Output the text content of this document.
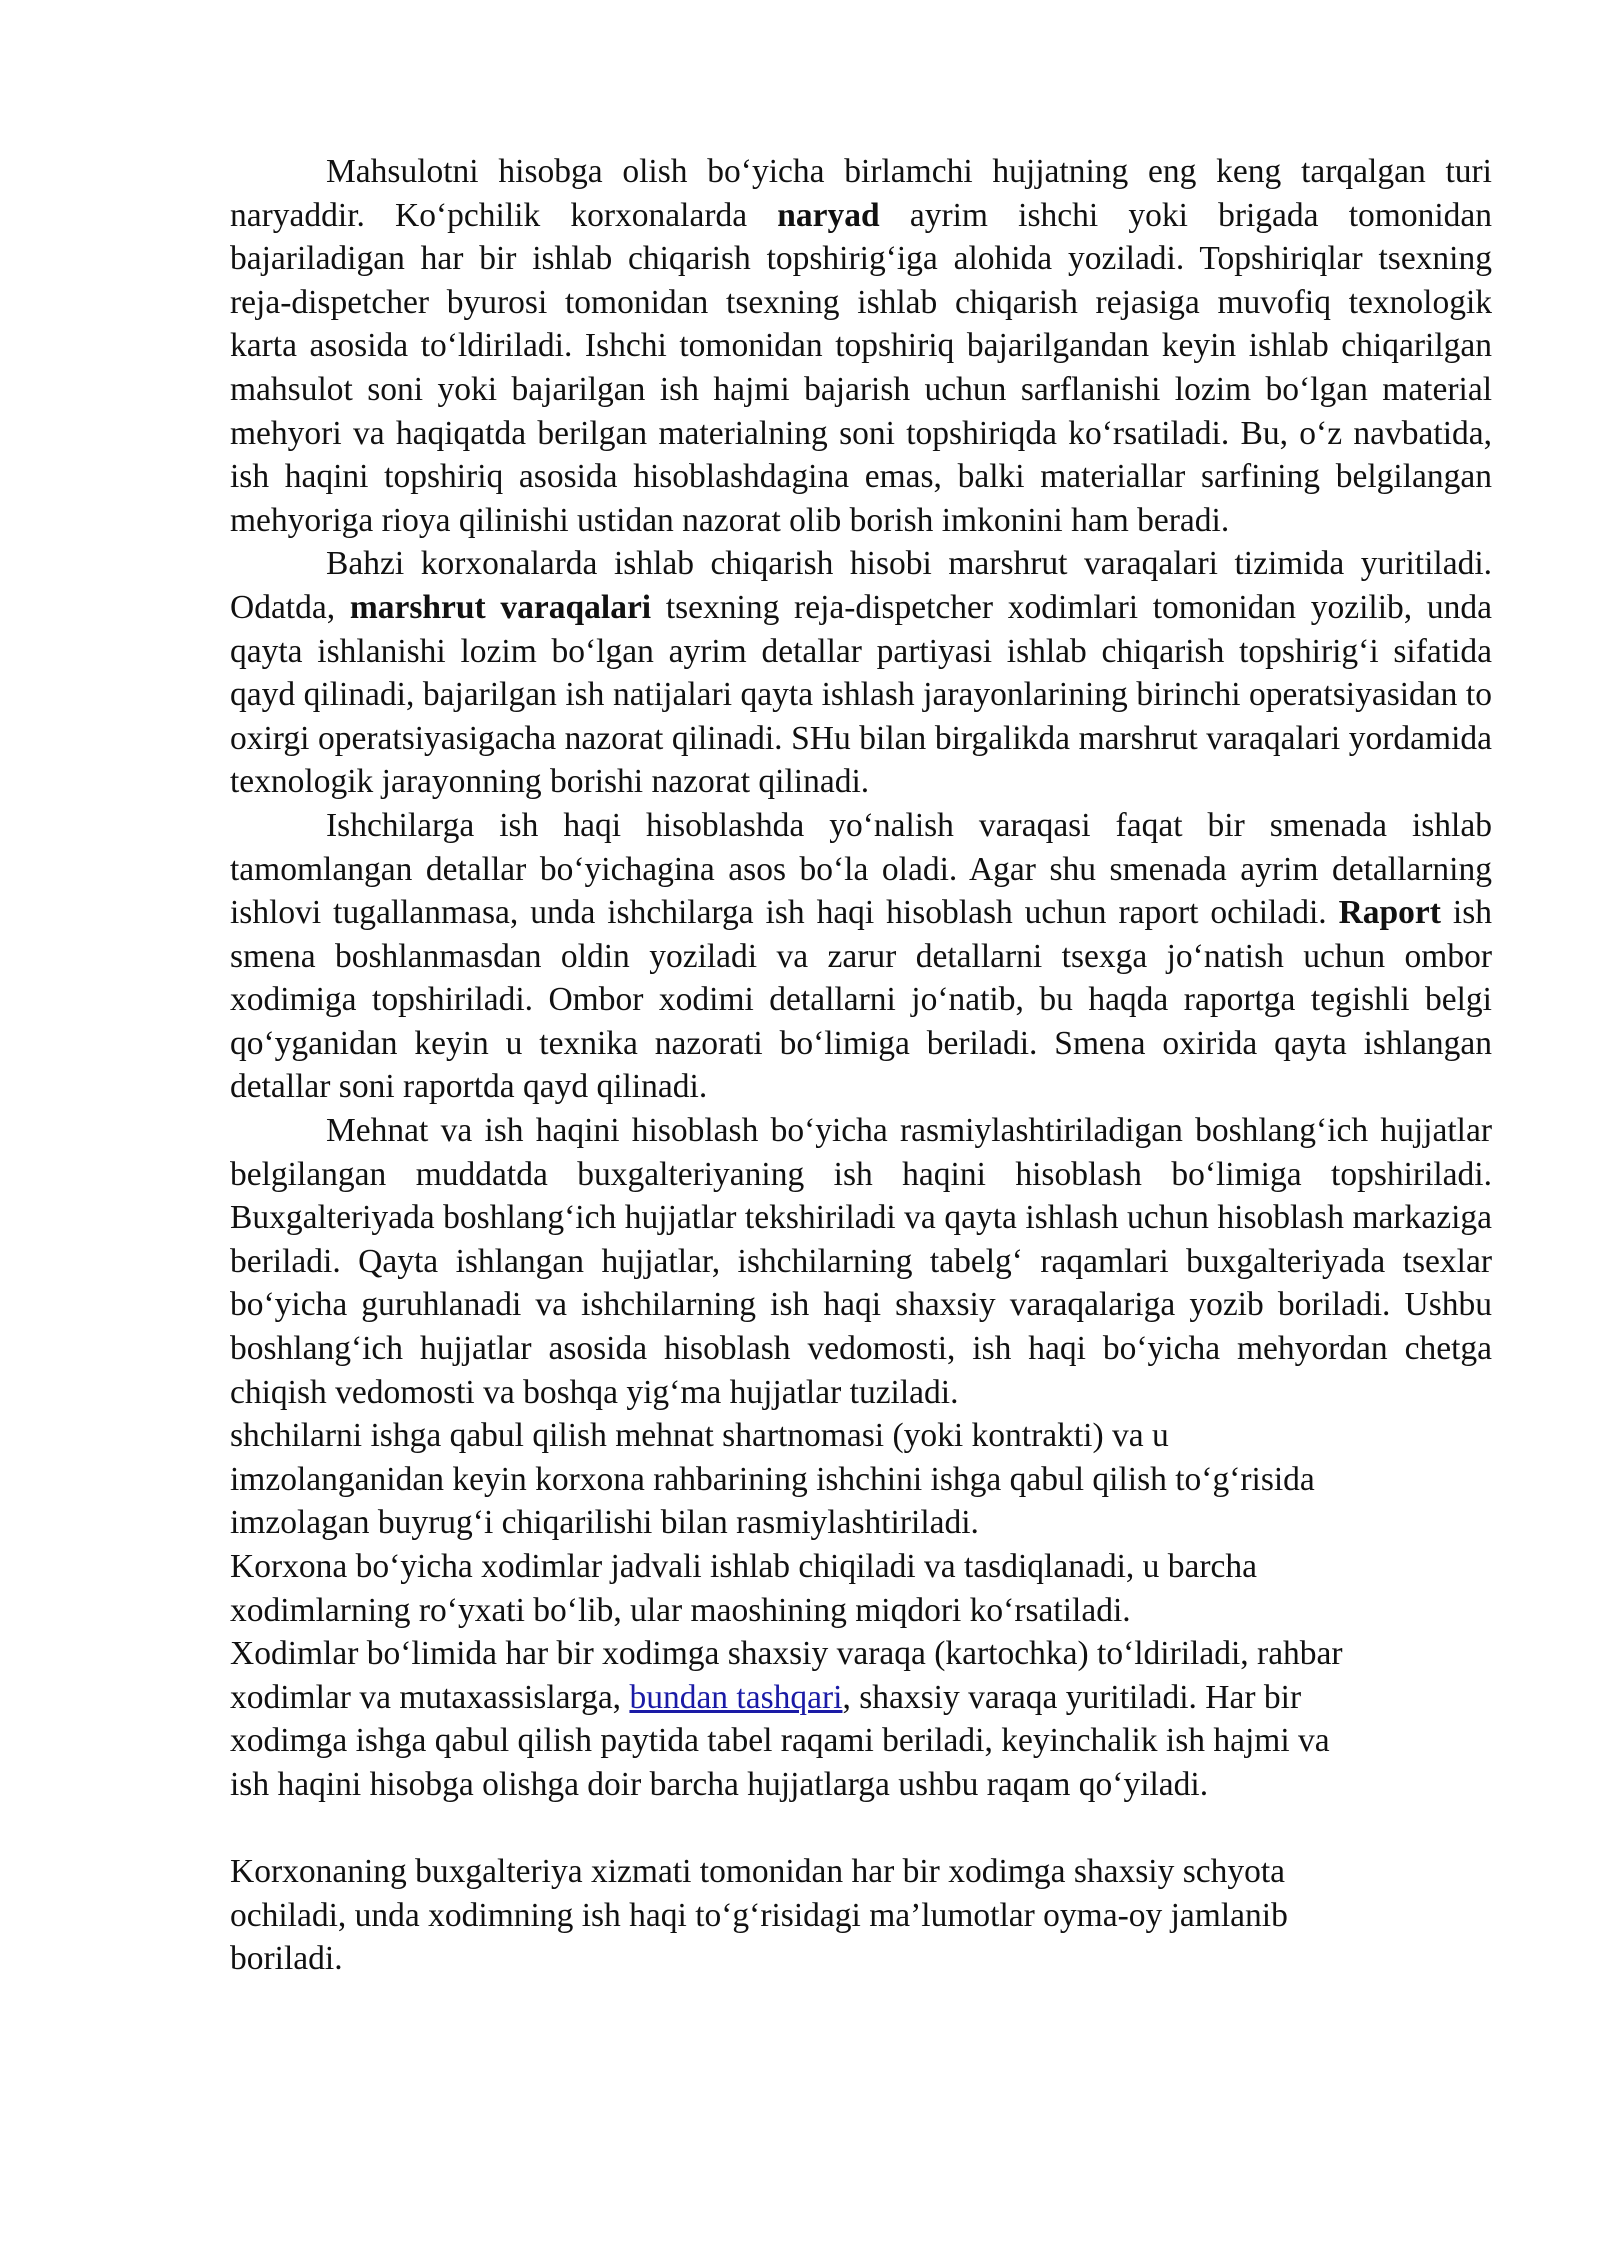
Mahsulotni hisobga olish bo‘yicha birlamchi hujjatning eng keng tarqalgan turi naryaddir. Ko‘pchilik korxonalarda naryad ayrim ishchi yoki brigada tomonidan bajariladigan har bir ishlab chiqarish topshirig‘iga alohida yoziladi. Topshiriqlar tsexning reja-dispetcher byurosi tomonidan tsexning ishlab chiqarish rejasiga muvofiq texnologik karta asosida to‘ldiriladi. Ishchi tomonidan topshiriq bajarilgandan keyin ishlab chiqarilgan mahsulot soni yoki bajarilgan ish hajmi bajarish uchun sarflanishi lozim bo‘lgan material mehyori va haqiqatda berilgan materialning soni topshiriqda ko‘rsatiladi. Bu, o‘z navbatida, ish haqini topshiriq asosida hisoblashdagina emas, balki materiallar sarfining belgilangan mehyoriga rioya qilinishi ustidan nazorat olib borish imkonini ham beradi.

Bahzi korxonalarda ishlab chiqarish hisobi marshrut varaqalari tizimida yuritiladi. Odatda, marshrut varaqalari tsexning reja-dispetcher xodimlari tomonidan yozilib, unda qayta ishlanishi lozim bo‘lgan ayrim detallar partiyasi ishlab chiqarish topshirig‘i sifatida qayd qilinadi, bajarilgan ish natijalari qayta ishlash jarayonlarining birinchi operatsiyasidan to oxirgi operatsiyasigacha nazorat qilinadi. SHu bilan birgalikda marshrut varaqalari yordamida texnologik jarayonning borishi nazorat qilinadi.

Ishchilarga ish haqi hisoblashda yo‘nalish varaqasi faqat bir smenada ishlab tamomlangan detallar bo‘yichagina asos bo‘la oladi. Agar shu smenada ayrim detallarning ishlovi tugallanmasa, unda ishchilarga ish haqi hisoblash uchun raport ochiladi. Raport ish smena boshlanmasdan oldin yoziladi va zarur detallarni tsexga jo‘natish uchun ombor xodimiga topshiriladi. Ombor xodimi detallarni jo‘natib, bu haqda raportga tegishli belgi qo‘yganidan keyin u texnika nazorati bo‘limiga beriladi. Smena oxirida qayta ishlangan detallar soni raportda qayd qilinadi.

Mehnat va ish haqini hisoblash bo‘yicha rasmiylashtiriladigan boshlang‘ich hujjatlar belgilangan muddatda buxgalteriyaning ish haqini hisoblash bo‘limiga topshiriladi. Buxgalteriyada boshlang‘ich hujjatlar tekshiriladi va qayta ishlash uchun hisoblash markaziga beriladi. Qayta ishlangan hujjatlar, ishchilarning tabelg‘ raqamlari buxgalteriyada tsexlar bo‘yicha guruhlanadi va ishchilarning ish haqi shaxsiy varaqalariga yozib boriladi. Ushbu boshlang‘ich hujjatlar asosida hisoblash vedomosti, ish haqi bo‘yicha mehyordan chetga chiqish vedomosti va boshqa yig‘ma hujjatlar tuziladi.

shchilarni ishga qabul qilish mehnat shartnomasi (yoki kontrakti) va u
imzolanganidan keyin korxona rahbarining ishchini ishga qabul qilish to‘g‘risida
imzolagan buyrug‘i chiqarilishi bilan rasmiylashtiriladi.

Korxona bo‘yicha xodimlar jadvali ishlab chiqiladi va tasdiqlanadi, u barcha
xodimlarning ro‘yxati bo‘lib, ular maoshining miqdori ko‘rsatiladi.

Xodimlar bo‘limida har bir xodimga shaxsiy varaqa (kartochka) to‘ldiriladi, rahbar
xodimlar va mutaxassislarga, bundan tashqari, shaxsiy varaqa yuritiladi. Har bir
xodimga ishga qabul qilish paytida tabel raqami beriladi, keyinchalik ish hajmi va
ish haqini hisobga olishga doir barcha hujjatlarga ushbu raqam qo‘yiladi.

Korxonaning buxgalteriya xizmati tomonidan har bir xodimga shaxsiy schyota
ochiladi, unda xodimning ish haqi to‘g‘risidagi ma’lumotlar oyma-oy jamlanib
boriladi.
